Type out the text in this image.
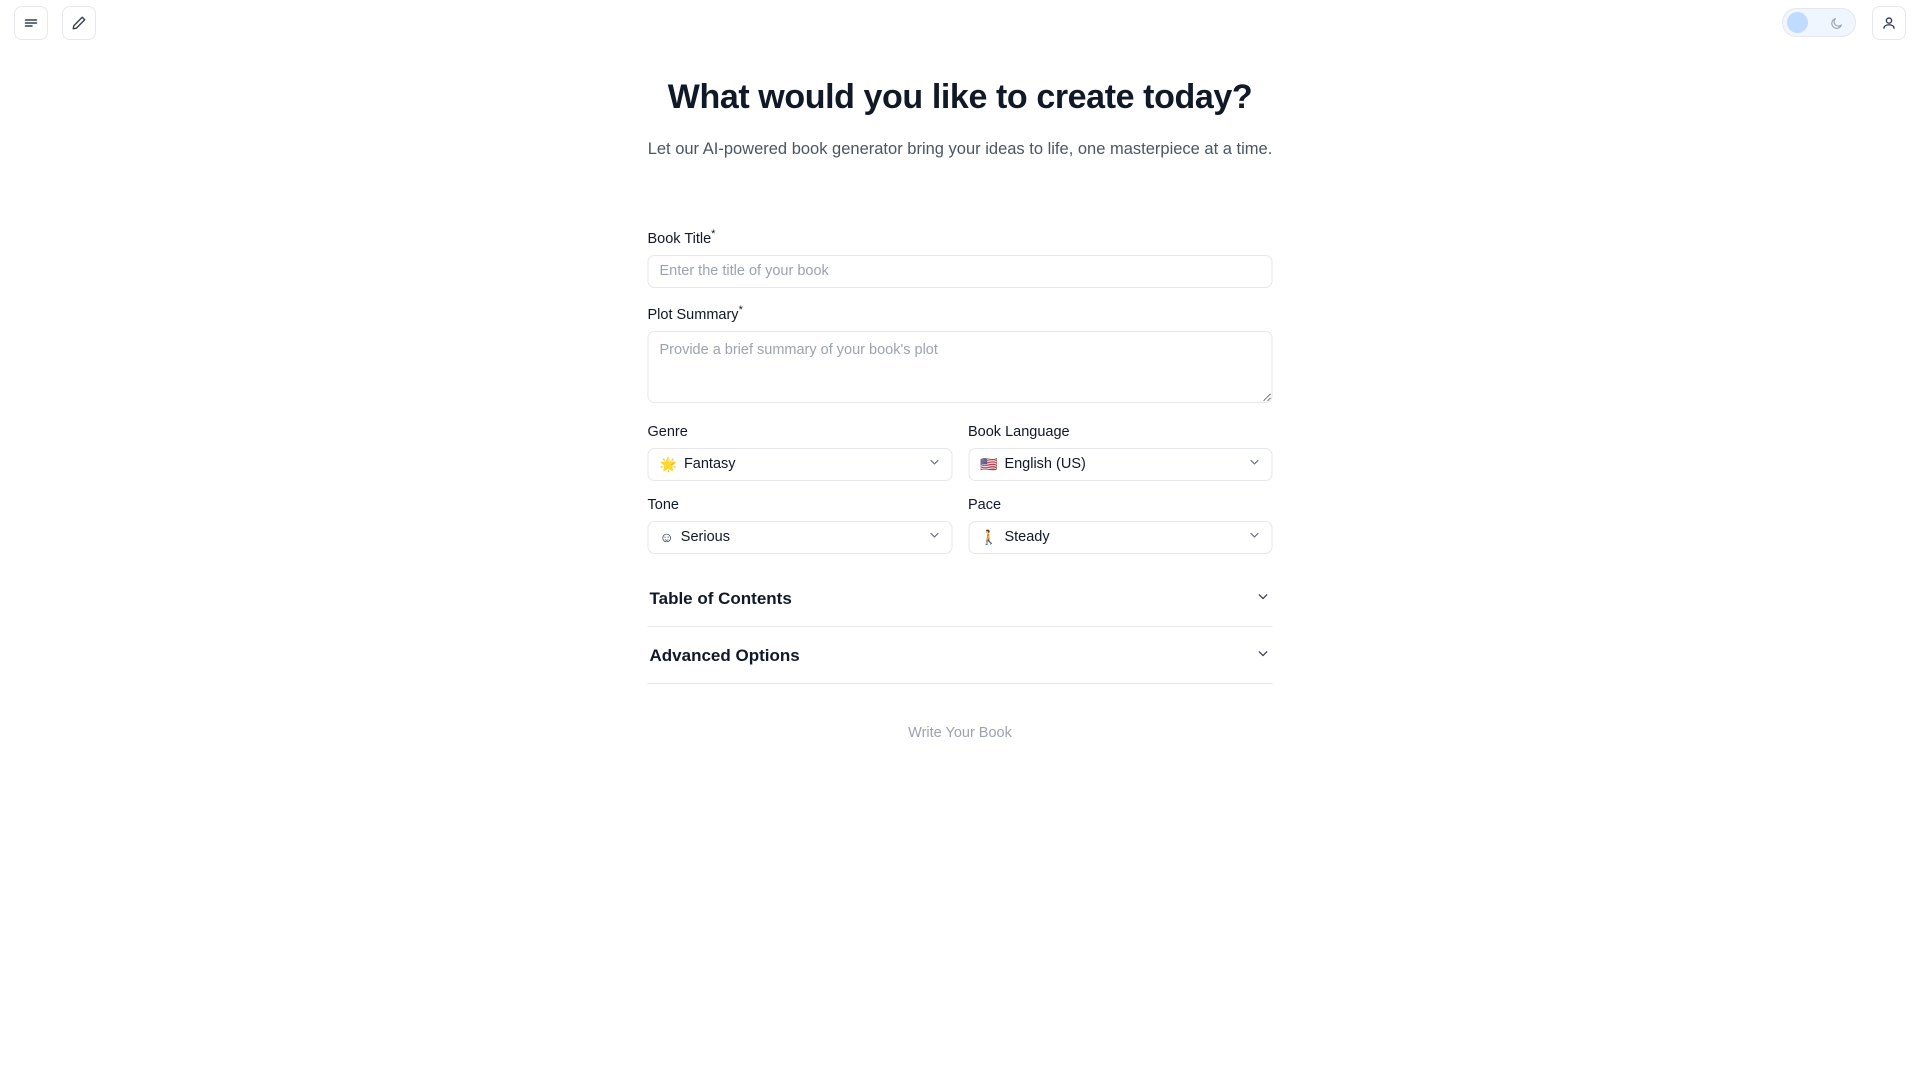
What would you like to create today?

Let our AI-powered book generator bring your ideas to life, one masterpiece at a time.

Book Title*
Enter the title of your book
Plot Summary*
Provide a brief summary of your book's plot
Genre
🌟 Fantasy
Book Language
🇺🇸 English (US)
Tone
☺ Serious
Pace
🚶 Steady
Table of Contents
Advanced Options
Write Your Book
